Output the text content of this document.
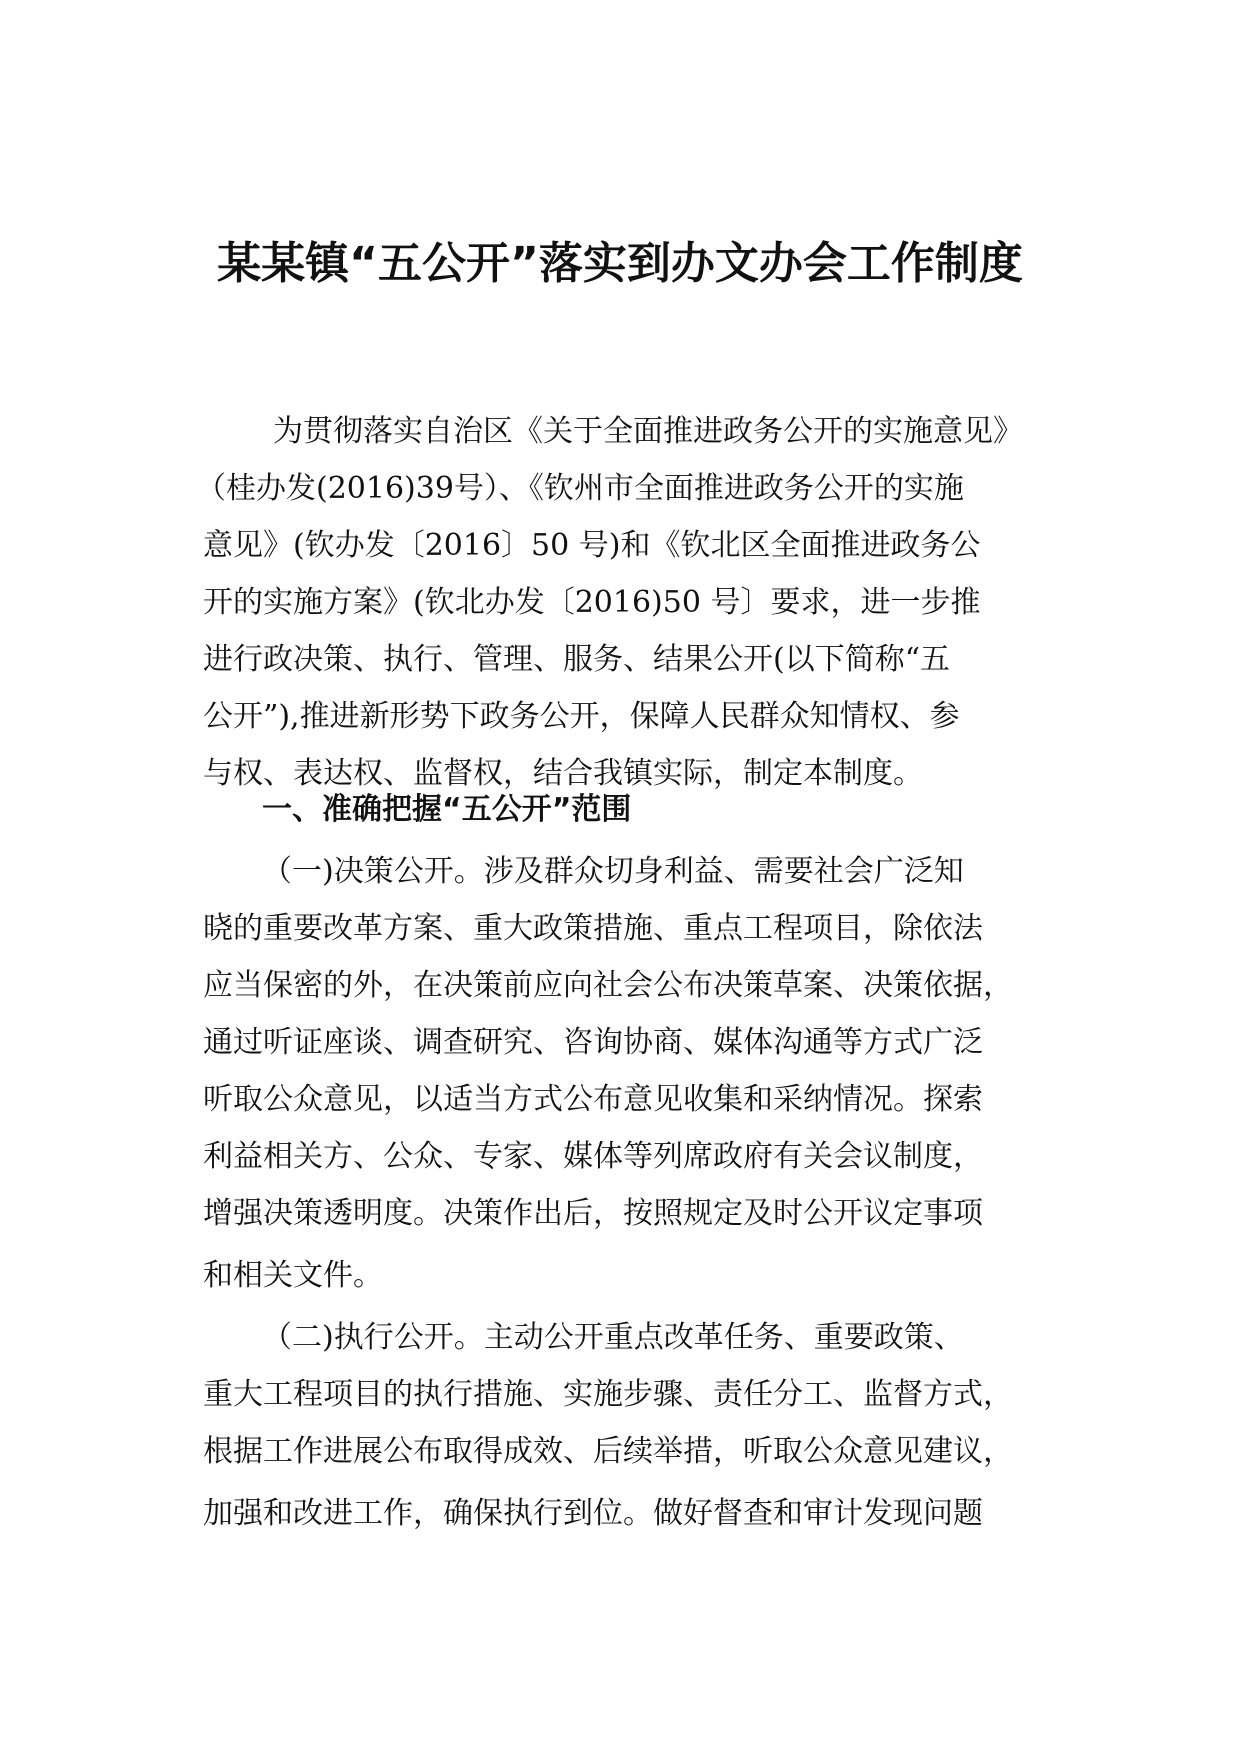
某某镇“五公开”落实到办文办会工作制度

为贯彻落实自治区《关于全面推进政务公开的实施意见》

（桂办发(2016)39号）、《钦州市全面推进政务公开的实施

意见》(钦办发〔2016〕50 号)和《钦北区全面推进政务公

开的实施方案》(钦北办发〔2016)50 号〕要求，进一步推

进行政决策、执行、管理、服务、结果公开(以下简称“五

公开”),推进新形势下政务公开，保障人民群众知情权、参

与权、表达权、监督权，结合我镇实际，制定本制度。

一、准确把握“五公开”范围

（一)决策公开。涉及群众切身利益、需要社会广泛知

晓的重要改革方案、重大政策措施、重点工程项目，除依法

应当保密的外，在决策前应向社会公布决策草案、决策依据，

通过听证座谈、调查研究、咨询协商、媒体沟通等方式广泛

听取公众意见，以适当方式公布意见收集和采纳情况。探索

利益相关方、公众、专家、媒体等列席政府有关会议制度，

增强决策透明度。决策作出后，按照规定及时公开议定事项

和相关文件。

（二)执行公开。主动公开重点改革任务、重要政策、

重大工程项目的执行措施、实施步骤、责任分工、监督方式，

根据工作进展公布取得成效、后续举措，听取公众意见建议，

加强和改进工作，确保执行到位。做好督查和审计发现问题
